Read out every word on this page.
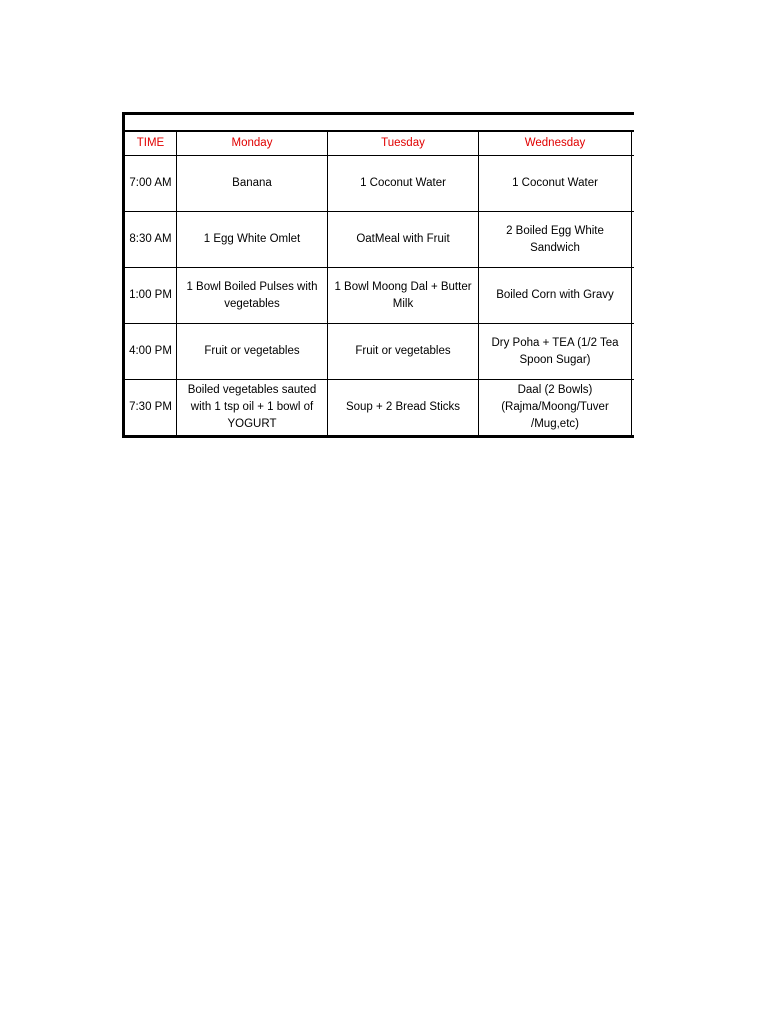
TIME	Monday	Tuesday	Wednesday	
7:00 AM	Banana	1 Coconut Water	1 Coconut Water	
8:30 AM	1 Egg White Omlet	OatMeal with Fruit	2 Boiled Egg White Sandwich	
1:00 PM	1 Bowl Boiled Pulses with vegetables	1 Bowl Moong Dal + Butter Milk	Boiled Corn with Gravy	
4:00 PM	Fruit or vegetables	Fruit or vegetables	Dry Poha + TEA (1/2 Tea Spoon Sugar)	
7:30 PM	Boiled vegetables sauted with 1 tsp oil + 1 bowl of YOGURT	Soup + 2 Bread Sticks	Daal (2 Bowls)(Rajma/Moong/Tuver /Mug,etc)	
